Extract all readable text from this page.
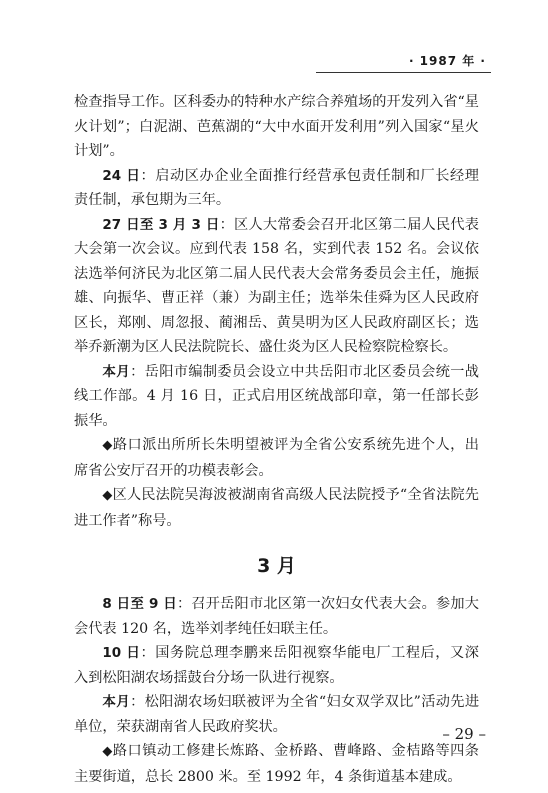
· 1987 年 ·

检查指导工作。区科委办的特种水产综合养殖场的开发列入省“星火计划”；白泥湖、芭蕉湖的“大中水面开发利用”列入国家“星火计划”。

24 日：启动区办企业全面推行经营承包责任制和厂长经理责任制，承包期为三年。

27 日至 3 月 3 日：区人大常委会召开北区第二届人民代表大会第一次会议。应到代表 158 名，实到代表 152 名。会议依法选举何济民为北区第二届人民代表大会常务委员会主任，施振雄、向振华、曹正祥（兼）为副主任；选举朱佳舜为区人民政府区长，郑刚、周忽报、蔺湘岳、黄昊明为区人民政府副区长；选举乔新潮为区人民法院院长、盛仕炎为区人民检察院检察长。

本月：岳阳市编制委员会设立中共岳阳市北区委员会统一战线工作部。4 月 16 日，正式启用区统战部印章，第一任部长彭振华。

◆路口派出所所长朱明望被评为全省公安系统先进个人，出席省公安厅召开的功模表彰会。

◆区人民法院吴海波被湖南省高级人民法院授予“全省法院先进工作者”称号。

3 月

8 日至 9 日：召开岳阳市北区第一次妇女代表大会。参加大会代表 120 名，选举刘孝纯任妇联主任。

10 日：国务院总理李鹏来岳阳视察华能电厂工程后，又深入到松阳湖农场揺鼓台分场一队进行视察。

本月：松阳湖农场妇联被评为全省“妇女双学双比”活动先进单位，荣获湖南省人民政府奖状。

◆路口镇动工修建长炼路、金桥路、曹峰路、金桔路等四条主要街道，总长 2800 米。至 1992 年，4 条街道基本建成。

– 29 –
